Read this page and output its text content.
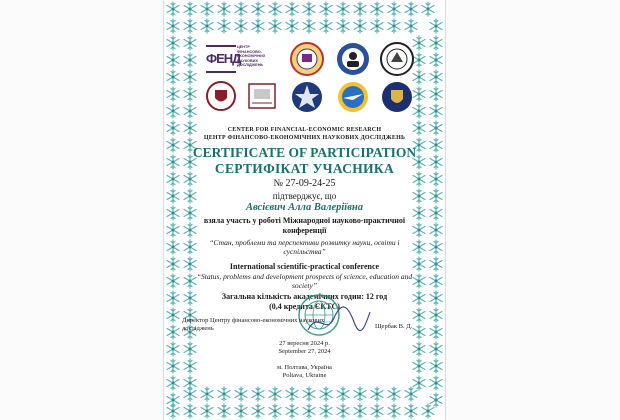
ФЕНД
ЦЕНТР ФІНАНСОВО-ЕКОНОМІЧНИХ НАУКОВИХ ДОСЛІДЖЕНЬ
CENTER FOR FINANCIAL-ECONOMIC RESEARCH
ЦЕНТР ФІНАНСОВО-ЕКОНОМІЧНИХ НАУКОВИХ ДОСЛІДЖЕНЬ
CERTIFICATE OF PARTICIPATION
СЕРТИФІКАТ УЧАСНИКА
№ 27-09-24-25
підтверджує, що
Авсієвич Алла Валеріївна
взяла участь у роботі Міжнародної науково-практичної конференції
“Стан, проблеми та перспективи розвитку науки, освіти і суспільства”
International scientific-practical conference
“Status, problems and development prospects of science, education and society”
Загальна кількість академічних годин: 12 год
(0,4 кредита ЄКТС)
Директор Центру фінансово-економічних наукових досліджень	Щербак В. Д.
27 вересня 2024 р.
September 27, 2024
м. Полтава, Україна
Poltava, Ukraine
